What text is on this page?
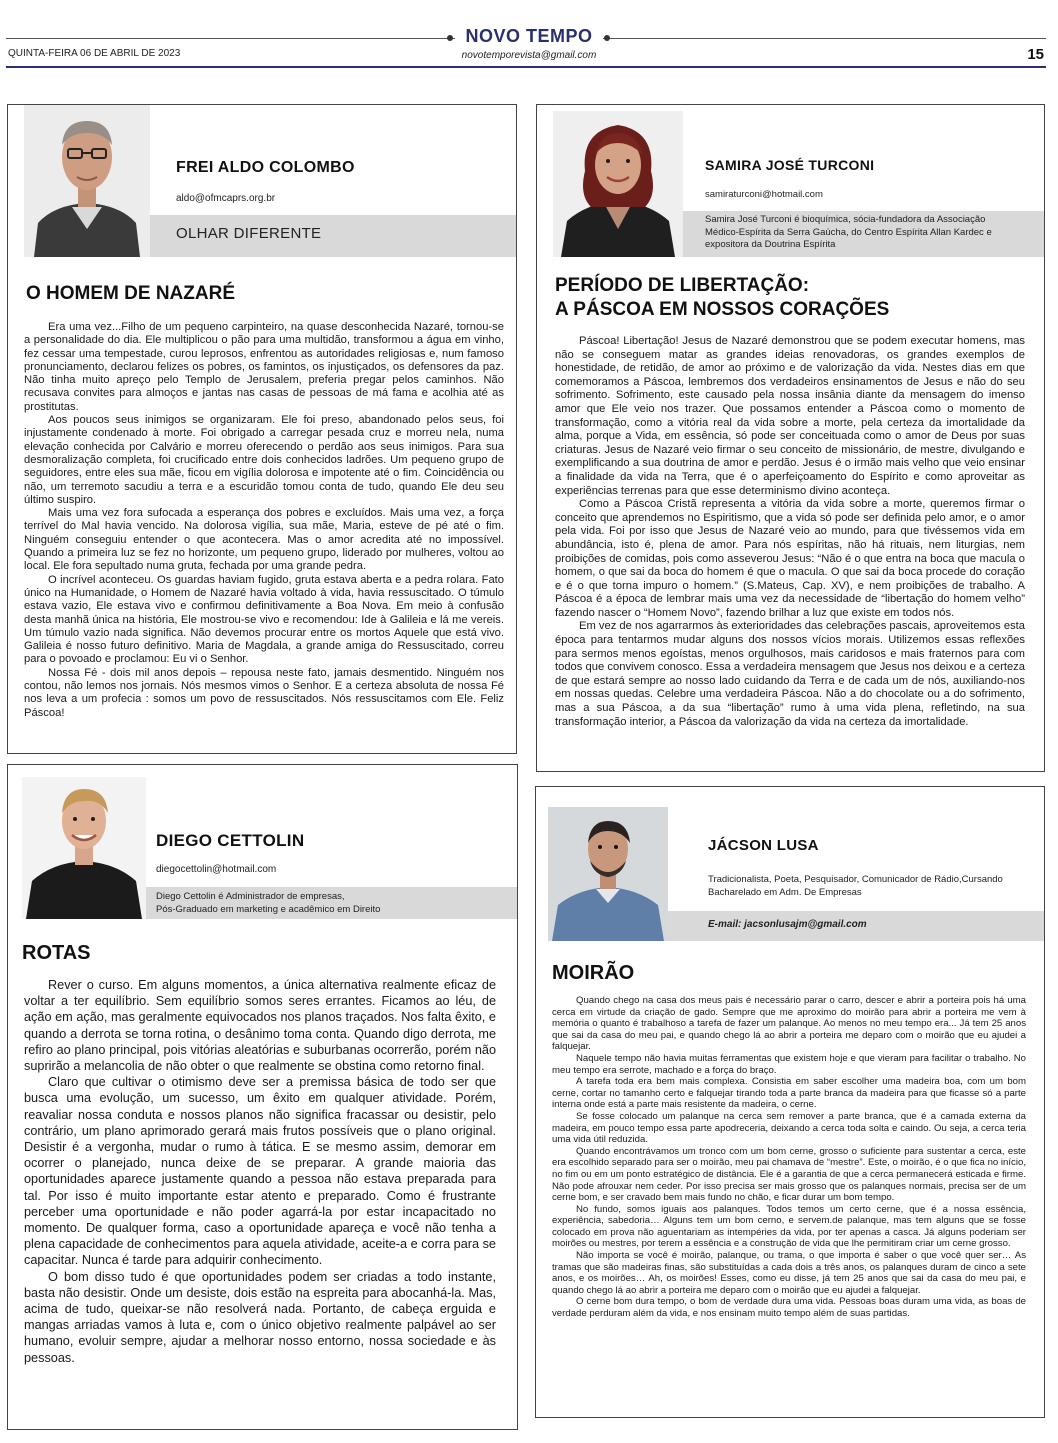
NOVO TEMPO
novotemporevista@gmail.com
QUINTA-FEIRA 06 DE ABRIL DE 2023	15
FREI ALDO COLOMBO
aldo@ofmcaprs.org.br
OLHAR DIFERENTE
O HOMEM DE NAZARÉ

Era uma vez...Filho de um pequeno carpinteiro, na quase desconhecida Nazaré, tornou-se a personalidade do dia. Ele multiplicou o pão para uma multidão, transformou a água em vinho, fez cessar uma tempestade, curou leprosos, enfrentou as autoridades religiosas e, num famoso pronunciamento, declarou felizes os pobres, os famintos, os injustiçados, os defensores da paz. Não tinha muito apreço pelo Templo de Jerusalem, preferia pregar pelos caminhos. Não recusava convites para almoços e jantas nas casas de pessoas de má fama e acolhia até as prostitutas.

Aos poucos seus inimigos se organizaram. Ele foi preso, abandonado pelos seus, foi injustamente condenado à morte. Foi obrigado a carregar pesada cruz e morreu nela, numa elevação conhecida por Calvário e morreu oferecendo o perdão aos seus inimigos. Para sua desmoralização completa, foi crucificado entre dois conhecidos ladrões. Um pequeno grupo de seguidores, entre eles sua mãe, ficou em vigília dolorosa e impotente até o fim. Coincidência ou não, um terremoto sacudiu a terra e a escuridão tomou conta de tudo, quando Ele deu seu último suspiro.

Mais uma vez fora sufocada a esperança dos pobres e excluídos. Mais uma vez, a força terrível do Mal havia vencido. Na dolorosa vigília, sua mãe, Maria, esteve de pé até o fim. Ninguém conseguiu entender o que acontecera. Mas o amor acredita até no impossível. Quando a primeira luz se fez no horizonte, um pequeno grupo, liderado por mulheres, voltou ao local. Ele fora sepultado numa gruta, fechada por uma grande pedra.

O incrível aconteceu. Os guardas haviam fugido, gruta estava aberta e a pedra rolara. Fato único na Humanidade, o Homem de Nazaré havia voltado à vida, havia ressuscitado. O túmulo estava vazio, Ele estava vivo e confirmou definitivamente a Boa Nova. Em meio à confusão desta manhã única na história, Ele mostrou-se vivo e recomendou: Ide à Galileia e lá me vereis. Um túmulo vazio nada significa. Não devemos procurar entre os mortos Aquele que está vivo. Galileia é nosso futuro definitivo. Maria de Magdala, a grande amiga do Ressuscitado, correu para o povoado e proclamou: Eu vi o Senhor.

Nossa Fé - dois mil anos depois – repousa neste fato, jamais desmentido. Ninguém nos contou, não lemos nos jornais. Nós mesmos vimos o Senhor. E a certeza absoluta de nossa Fé nos leva a um profecia : somos um povo de ressuscitados. Nós ressuscitamos com Ele. Feliz Páscoa!

SAMIRA JOSÉ TURCONI
samiraturconi@hotmail.com
Samira José Turconi é bioquímica, sócia-fundadora da Associação Médico-Espírita da Serra Gaúcha, do Centro Espírita Allan Kardec e expositora da Doutrina Espírita
PERÍODO DE LIBERTAÇÃO:
A PÁSCOA EM NOSSOS CORAÇÕES

Páscoa! Libertação! Jesus de Nazaré demonstrou que se podem executar homens, mas não se conseguem matar as grandes ideias renovadoras, os grandes exemplos de honestidade, de retidão, de amor ao próximo e de valorização da vida. Nestes dias em que comemoramos a Páscoa, lembremos dos verdadeiros ensinamentos de Jesus e não do seu sofrimento. Sofrimento, este causado pela nossa insânia diante da mensagem do imenso amor que Ele veio nos trazer. Que possamos entender a Páscoa como o momento de transformação, como a vitória real da vida sobre a morte, pela certeza da imortalidade da alma, porque a Vida, em essência, só pode ser conceituada como o amor de Deus por suas criaturas. Jesus de Nazaré veio firmar o seu conceito de missionário, de mestre, divulgando e exemplificando a sua doutrina de amor e perdão. Jesus é o irmão mais velho que veio ensinar a finalidade da vida na Terra, que é o aperfeiçoamento do Espírito e como aproveitar as experiências terrenas para que esse determinismo divino aconteça.

Como a Páscoa Cristã representa a vitória da vida sobre a morte, queremos firmar o conceito que aprendemos no Espiritismo, que a vida só pode ser definida pelo amor, e o amor pela vida. Foi por isso que Jesus de Nazaré veio ao mundo, para que tivéssemos vida em abundância, isto é, plena de amor. Para nós espíritas, não há rituais, nem liturgias, nem proibições de comidas, pois como asseverou Jesus: “Não é o que entra na boca que macula o homem, o que sai da boca do homem é que o macula. O que sai da boca procede do coração e é o que torna impuro o homem.” (S.Mateus, Cap. XV), e nem proibições de trabalho. A Páscoa é a época de lembrar mais uma vez da necessidade de “libertação do homem velho” fazendo nascer o “Homem Novo”, fazendo brilhar a luz que existe em todos nós.

Em vez de nos agarrarmos às exterioridades das celebrações pascais, aproveitemos esta época para tentarmos mudar alguns dos nossos vícios morais. Utilizemos essas reflexões para sermos menos egoístas, menos orgulhosos, mais caridosos e mais fraternos para com todos que convivem conosco. Essa a verdadeira mensagem que Jesus nos deixou e a certeza de que estará sempre ao nosso lado cuidando da Terra e de cada um de nós, auxiliando-nos em nossas quedas. Celebre uma verdadeira Páscoa. Não a do chocolate ou a do sofrimento, mas a sua Páscoa, a da sua “libertação” rumo à uma vida plena, refletindo, na sua transformação interior, a Páscoa da valorização da vida na certeza da imortalidade.

DIEGO CETTOLIN
diegocettolin@hotmail.com
Diego Cettolin é Administrador de empresas,
Pós-Graduado em marketing e acadêmico em Direito
ROTAS

Rever o curso. Em alguns momentos, a única alternativa realmente eficaz de voltar a ter equilíbrio. Sem equilíbrio somos seres errantes. Ficamos ao léu, de ação em ação, mas geralmente equivocados nos planos traçados. Nos falta êxito, e quando a derrota se torna rotina, o desânimo toma conta. Quando digo derrota, me refiro ao plano principal, pois vitórias aleatórias e suburbanas ocorrerão, porém não suprirão a melancolia de não obter o que realmente se obstina como retorno final.

Claro que cultivar o otimismo deve ser a premissa básica de todo ser que busca uma evolução, um sucesso, um êxito em qualquer atividade. Porém, reavaliar nossa conduta e nossos planos não significa fracassar ou desistir, pelo contrário, um plano aprimorado gerará mais frutos possíveis que o plano original. Desistir é a vergonha, mudar o rumo à tática. E se mesmo assim, demorar em ocorrer o planejado, nunca deixe de se preparar. A grande maioria das oportunidades aparece justamente quando a pessoa não estava preparada para tal. Por isso é muito importante estar atento e preparado. Como é frustrante perceber uma oportunidade e não poder agarrá-la por estar incapacitado no momento. De qualquer forma, caso a oportunidade apareça e você não tenha a plena capacidade de conhecimentos para aquela atividade, aceite-a e corra para se capacitar. Nunca é tarde para adquirir conhecimento.

O bom disso tudo é que oportunidades podem ser criadas a todo instante, basta não desistir. Onde um desiste, dois estão na espreita para abocanhá-la. Mas, acima de tudo, queixar-se não resolverá nada. Portanto, de cabeça erguida e mangas arriadas vamos à luta e, com o único objetivo realmente palpável ao ser humano, evoluir sempre, ajudar a melhorar nosso entorno, nossa sociedade e às pessoas.

JÁCSON LUSA
Tradicionalista, Poeta, Pesquisador, Comunicador de Rádio,Cursando Bacharelado em Adm. De Empresas
E-mail: jacsonlusajm@gmail.com
MOIRÃO

Quando chego na casa dos meus pais é necessário parar o carro, descer e abrir a porteira pois há uma cerca em virtude da criação de gado. Sempre que me aproximo do moirão para abrir a porteira me vem à memória o quanto é trabalhoso a tarefa de fazer um palanque. Ao menos no meu tempo era... Já tem 25 anos que sai da casa do meu pai, e quando chego lá ao abrir a porteira me deparo com o moirão que eu ajudei a falquejar.

Naquele tempo não havia muitas ferramentas que existem hoje e que vieram para facilitar o trabalho. No meu tempo era serrote, machado e a força do braço.

A tarefa toda era bem mais complexa. Consistia em saber escolher uma madeira boa, com um bom cerne, cortar no tamanho certo e falquejar tirando toda a parte branca da madeira para que ficasse só a parte interna onde está a parte mais resistente da madeira, o cerne.

Se fosse colocado um palanque na cerca sem remover a parte branca, que é a camada externa da madeira, em pouco tempo essa parte apodreceria, deixando a cerca toda solta e caindo. Ou seja, a cerca teria uma vida útil reduzida.

Quando encontrávamos um tronco com um bom cerne, grosso o suficiente para sustentar a cerca, este era escolhido separado para ser o moirão, meu pai chamava de “mestre”. Este, o moirão, é o que fica no início, no fim ou em um ponto estratégico de distância. Ele é a garantia de que a cerca permanecerá esticada e firme. Não pode afrouxar nem ceder. Por isso precisa ser mais grosso que os palanques normais, precisa ser de um cerne bom, e ser cravado bem mais fundo no chão, e ficar durar um bom tempo.

No fundo, somos iguais aos palanques. Todos temos um certo cerne, que é a nossa essência, experiência, sabedoria… Alguns tem um bom cerno, e servem.de palanque, mas tem alguns que se fosse colocado em prova não aguentariam as intempéries da vida, por ter apenas a casca. Já alguns poderiam ser moirões ou mestres, por terem a essência e a construção de vida que lhe permitiram criar um cerne grosso.

Não importa se você é moirão, palanque, ou trama, o que importa é saber o que você quer ser… As tramas que são madeiras finas, são substituídas a cada dois a três anos, os palanques duram de cinco a sete anos, e os moirões… Ah, os moirões! Esses, como eu disse, já tem 25 anos que sai da casa do meu pai, e quando chego lá ao abrir a porteira me deparo com o moirão que eu ajudei a falquejar.

O cerne bom dura tempo, o bom de verdade dura uma vida. Pessoas boas duram uma vida, as boas de verdade perduram além da vida, e nos ensinam muito tempo além de suas partidas.
